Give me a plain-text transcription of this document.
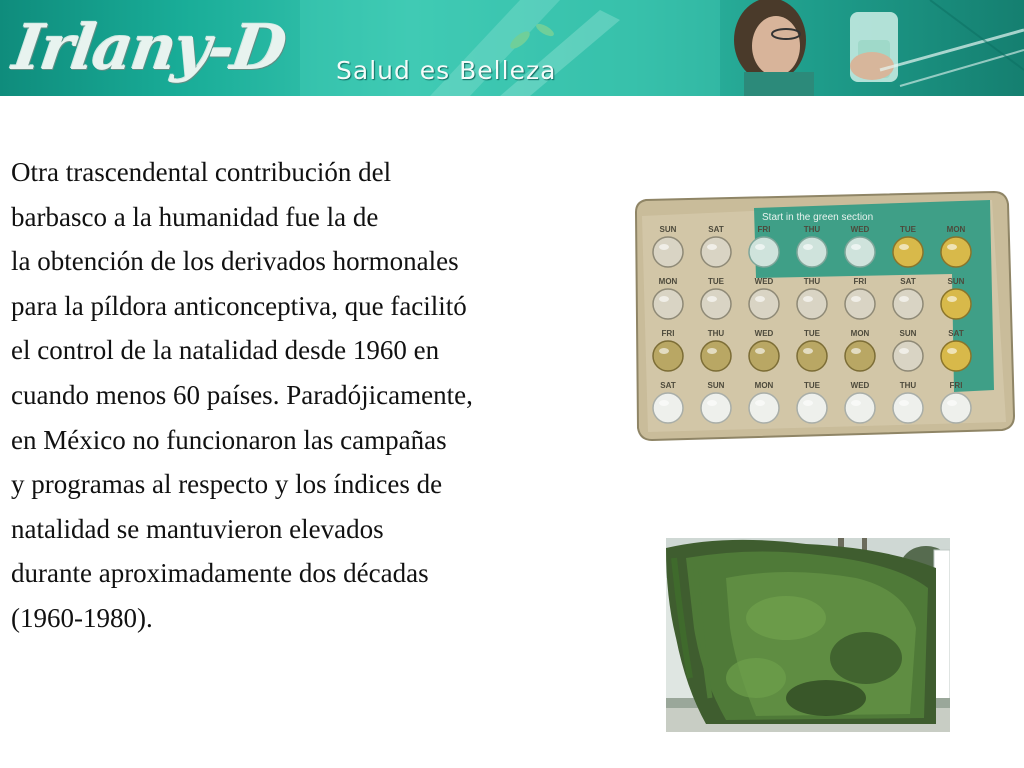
Irlany-D	Salud es Belleza
Otra trascendental contribución del
barbasco a la humanidad fue la de
la obtención de los derivados hormonales
para la píldora anticonceptiva, que facilitó
el control de la natalidad desde 1960 en
cuando menos 60 países. Paradójicamente,
en México no funcionaron las campañas
y programas al respecto y los índices de
natalidad se mantuvieron elevados
durante aproximadamente dos décadas
(1960-1980).
Start in the green section
SUN	SAT	FRI	THU	WED	TUE	MON
MON	TUE	WED	THU	FRI	SAT	SUN
FRI	THU	WED	TUE	MON	SUN	SAT
SAT	SUN	MON	TUE	WED	THU	FRI
